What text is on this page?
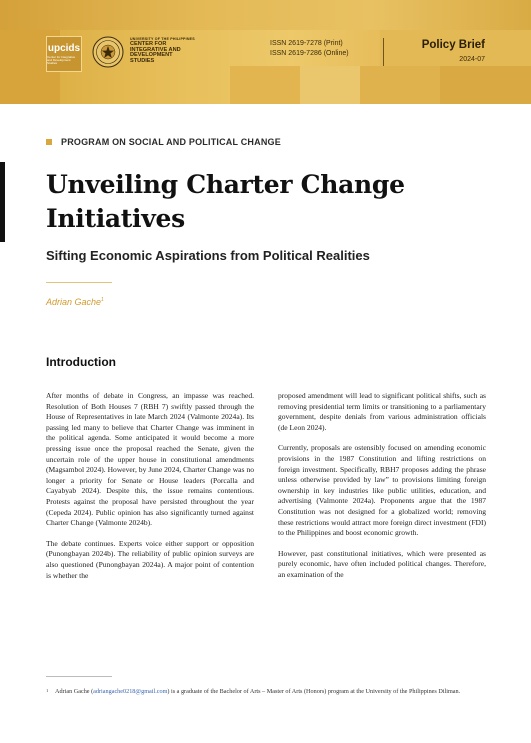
upcids
Center for Integrative and Development Studies
UNIVERSITY OF THE PHILIPPINES
CENTER FOR
INTEGRATIVE AND
DEVELOPMENT
STUDIES
ISSN 2619-7278 (Print)
ISSN 2619-7286 (Online)
Policy Brief
2024-07
PROGRAM ON SOCIAL AND POLITICAL CHANGE
Unveiling Charter Change
Initiatives
Sifting Economic Aspirations from Political Realities
Adrian Gache$^1$
Introduction

After months of debate in Congress, an impasse was reached. Resolution of Both Houses 7 (RBH 7) swiftly passed through the House of Representatives in late March 2024 (Valmonte 2024a). Its passing led many to believe that Charter Change was imminent in the political agenda. Some anticipated it would become a more pressing issue once the proposal reached the Senate, given the uncertain role of the upper house in constitutional amendments (Magsambol 2024). However, by June 2024, Charter Change was no longer a priority for Senate or House leaders (Porcalla and Cayabyab 2024). Despite this, the issue remains contentious. Protests against the proposal have persisted throughout the year (Cepeda 2024). Public opinion has also significantly turned against Charter Change (Valmonte 2024b).

The debate continues. Experts voice either support or opposition (Punongbayan 2024b). The reliability of public opinion surveys are also questioned (Punongbayan 2024a). A major point of contention is whether the

proposed amendment will lead to significant political shifts, such as removing presidential term limits or transitioning to a parliamentary government, despite denials from various administration officials (de Leon 2024).

Currently, proposals are ostensibly focused on amending economic provisions in the 1987 Constitution and lifting restrictions on foreign investment. Specifically, RBH7 proposes adding the phrase unless otherwise provided by law” to provisions limiting foreign ownership in key industries like public utilities, education, and advertising (Valmonte 2024a). Proponents argue that the 1987 Constitution was not designed for a globalized world; removing these restrictions would attract more foreign direct investment (FDI) to the Philippines and boost economic growth.

However, past constitutional initiatives, which were presented as purely economic, have often included political changes. Therefore, an examination of the

1	Adrian Gache (adriangache0218@gmail.com) is a graduate of the Bachelor of Arts – Master of Arts (Honors) program at the University of the Philippines Diliman.
